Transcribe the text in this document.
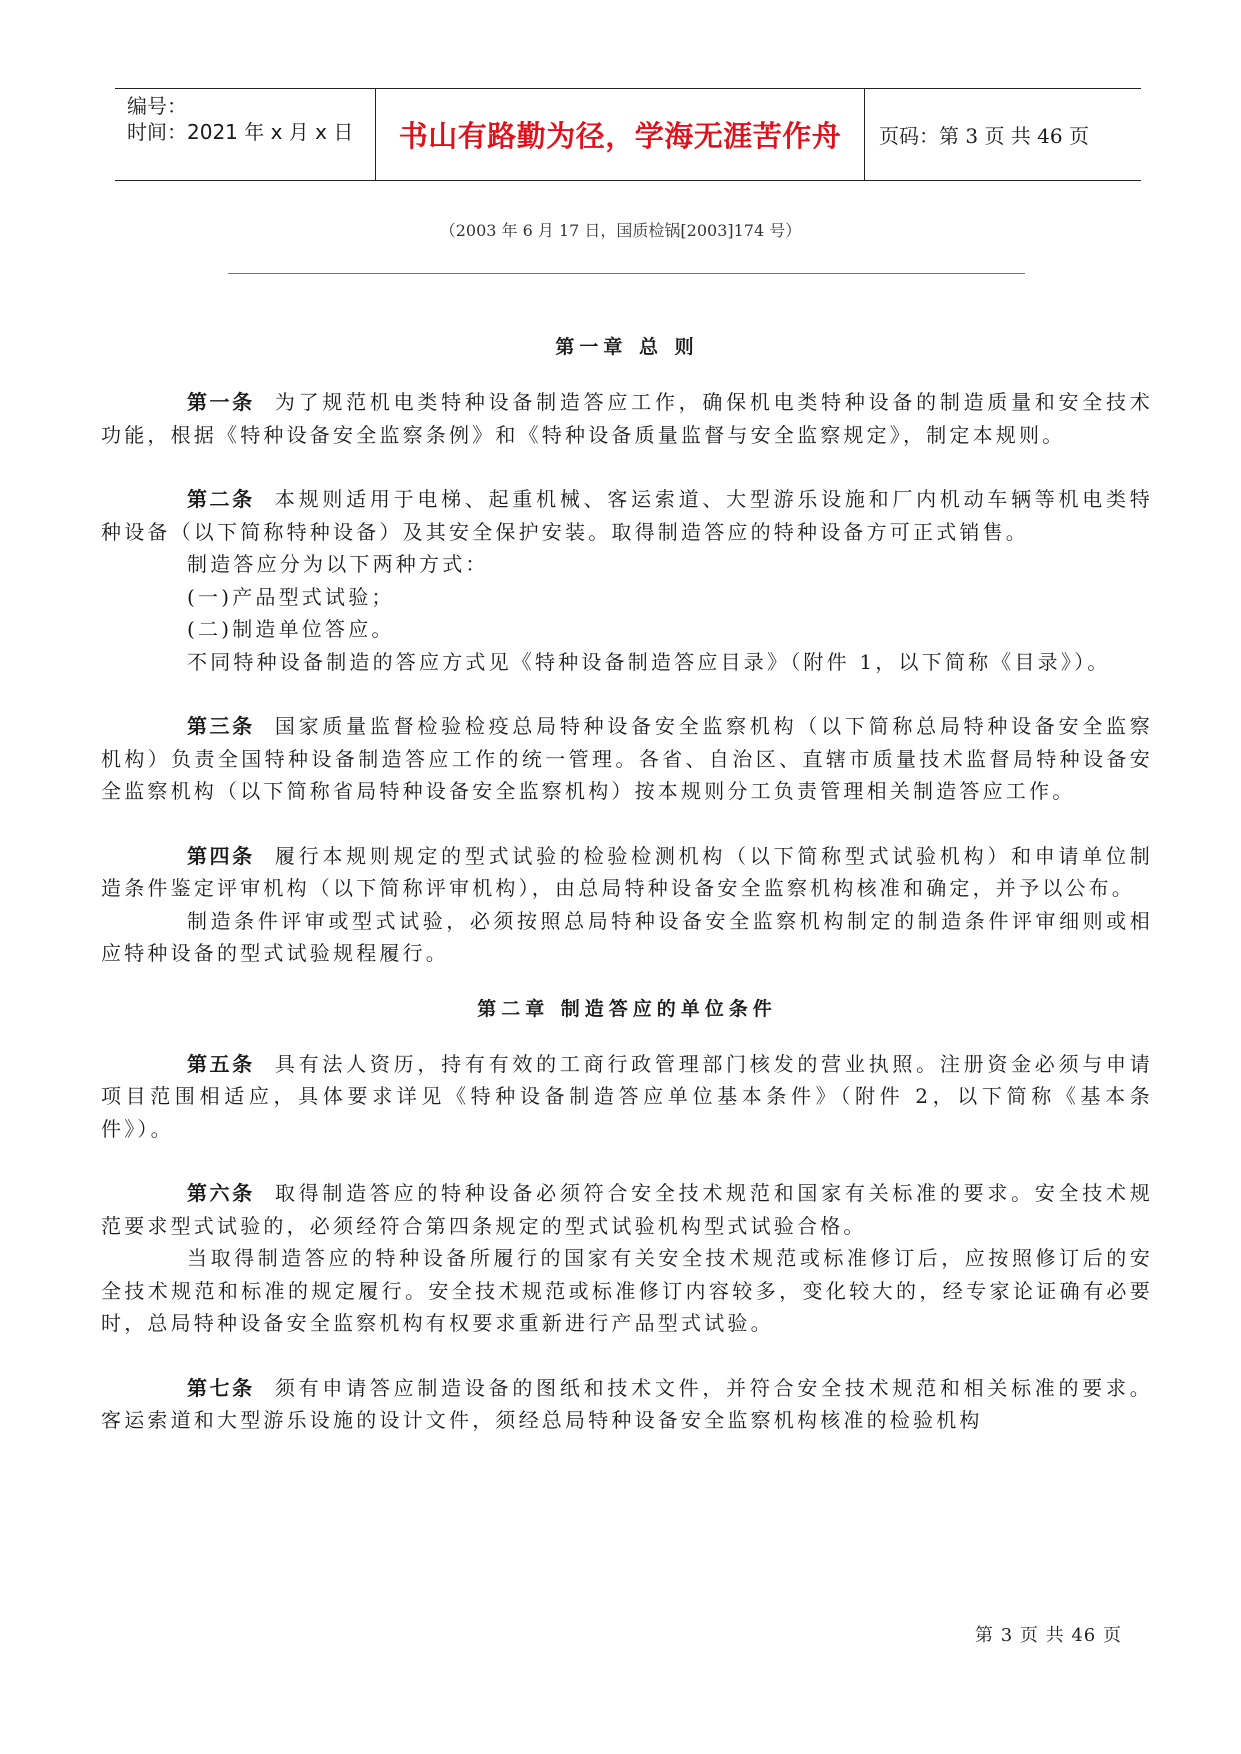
编号：
时间：2021 年 x 月 x 日	书山有路勤为径，学海无涯苦作舟	页码：第 3 页 共 46 页
（2003 年 6 月 17 日，国质检锅[2003]174 号）
第一章 总 则

第一条 为了规范机电类特种设备制造答应工作，确保机电类特种设备的制造质量和安全技术功能，根据《特种设备安全监察条例》和《特种设备质量监督与安全监察规定》，制定本规则。

第二条 本规则适用于电梯、起重机械、客运索道、大型游乐设施和厂内机动车辆等机电类特种设备（以下简称特种设备）及其安全保护安装。取得制造答应的特种设备方可正式销售。

制造答应分为以下两种方式：

(一)产品型式试验；

(二)制造单位答应。

不同特种设备制造的答应方式见《特种设备制造答应目录》（附件 1，以下简称《目录》）。

第三条 国家质量监督检验检疫总局特种设备安全监察机构（以下简称总局特种设备安全监察机构）负责全国特种设备制造答应工作的统一管理。各省、自治区、直辖市质量技术监督局特种设备安全监察机构（以下简称省局特种设备安全监察机构）按本规则分工负责管理相关制造答应工作。

第四条 履行本规则规定的型式试验的检验检测机构（以下简称型式试验机构）和申请单位制造条件鉴定评审机构（以下简称评审机构），由总局特种设备安全监察机构核准和确定，并予以公布。

制造条件评审或型式试验，必须按照总局特种设备安全监察机构制定的制造条件评审细则或相应特种设备的型式试验规程履行。

第二章 制造答应的单位条件

第五条 具有法人资历，持有有效的工商行政管理部门核发的营业执照。注册资金必须与申请项目范围相适应，具体要求详见《特种设备制造答应单位基本条件》（附件 2，以下简称《基本条件》）。

第六条 取得制造答应的特种设备必须符合安全技术规范和国家有关标准的要求。安全技术规范要求型式试验的，必须经符合第四条规定的型式试验机构型式试验合格。

当取得制造答应的特种设备所履行的国家有关安全技术规范或标准修订后，应按照修订后的安全技术规范和标准的规定履行。安全技术规范或标准修订内容较多，变化较大的，经专家论证确有必要时，总局特种设备安全监察机构有权要求重新进行产品型式试验。

第七条 须有申请答应制造设备的图纸和技术文件，并符合安全技术规范和相关标准的要求。客运索道和大型游乐设施的设计文件，须经总局特种设备安全监察机构核准的检验机构

第 3 页 共 46 页
